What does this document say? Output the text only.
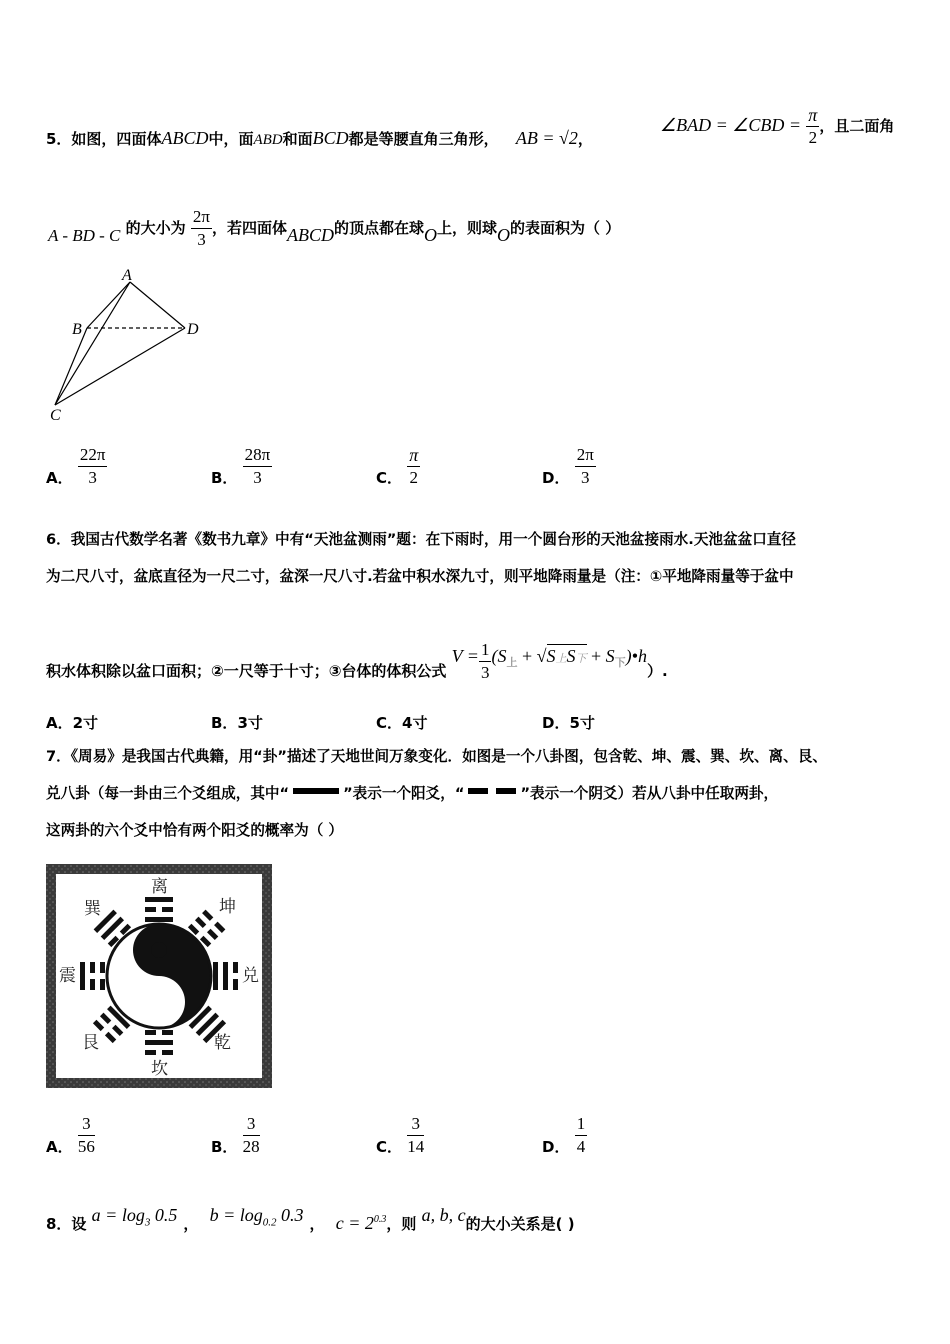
5．如图，四面体ABCD中，面ABD和面BCD都是等腰直角三角形， AB = √2，
∠BAD = ∠CBD = $\frac{\pi}{2}$ ，且二面角
A - BD - C 的大小为 $\frac{2\pi}{3}$ ，若四面体ABCD的顶点都在球O上，则球O的表面积为（ ）
A
B
C
D
A． $\frac{22\pi}{3}$	B． $\frac{28\pi}{3}$	C． $\frac{\pi}{2}$	D． $\frac{2\pi}{3}$
6．我国古代数学名著《数书九章》中有“天池盆测雨”题：在下雨时，用一个圆台形的天池盆接雨水.天池盆盆口直径
为二尺八寸，盆底直径为一尺二寸，盆深一尺八寸.若盆中积水深九寸，则平地降雨量是（注：①平地降雨量等于盆中
积水体积除以盆口面积；②一尺等于十寸；③台体的体积公式 $V = \frac{1}{3} (S$上 + √S上S下 + S下)•h）.
A．2寸	B．3寸	C．4寸	D．5寸
7．《周易》是我国古代典籍，用“卦”描述了天地世间万象变化．如图是一个八卦图，包含乾、坤、震、巽、坎、离、艮、
兑八卦（每一卦由三个爻组成，其中“	”表示一个阳爻，“	”表示一个阴爻）若从八卦中任取两卦，
这两卦的六个爻中恰有两个阳爻的概率为（ ）
离
坤
兑
乾
坎
艮
震
巽
A． $\frac{3}{56}$	B． $\frac{3}{28}$	C． $\frac{3}{14}$	D． $\frac{1}{4}$
8．设 $a = \log_3 0.5$ ， $b = \log_{0.2} 0.3$ ， $c = 2^{0.3}$，则 a, b, c的大小关系是( )
